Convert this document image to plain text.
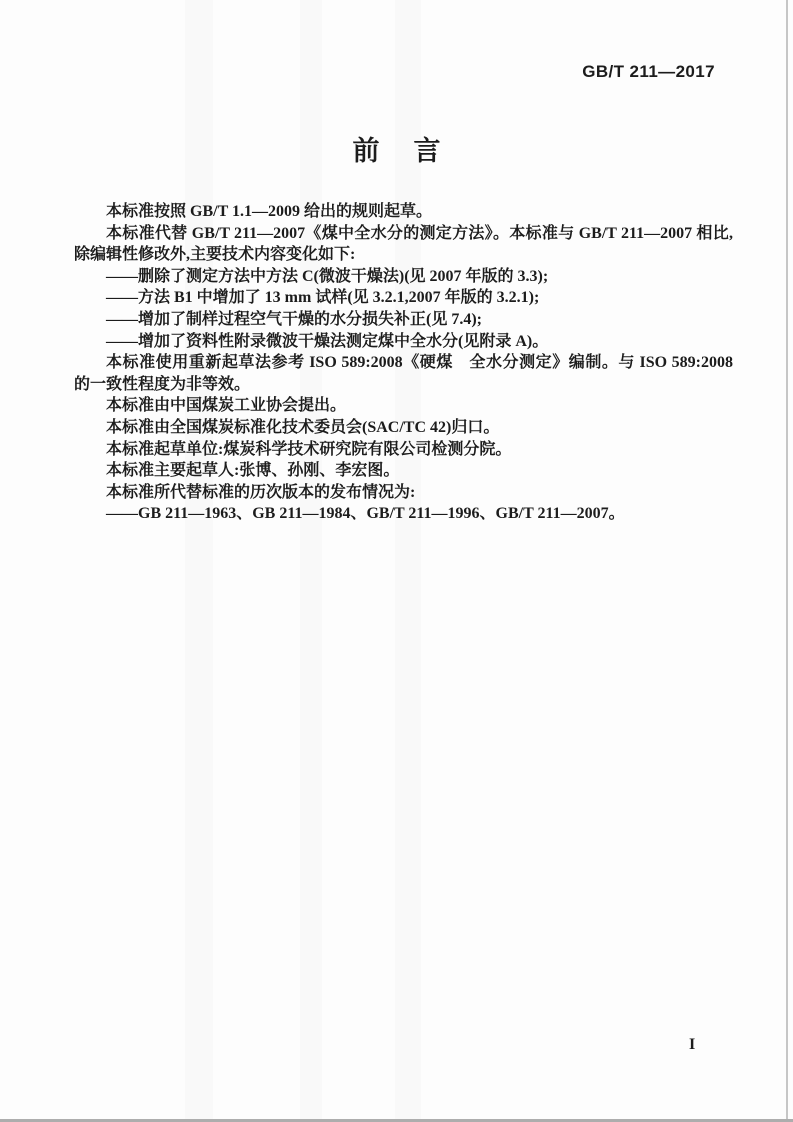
GB/T 211—2017
前 言

本标准按照 GB/T 1.1—2009 给出的规则起草。

本标准代替 GB/T 211—2007《煤中全水分的测定方法》。本标准与 GB/T 211—2007 相比,除编辑性修改外,主要技术内容变化如下:

——删除了测定方法中方法 C(微波干燥法)(见 2007 年版的 3.3);

——方法 B1 中增加了 13 mm 试样(见 3.2.1,2007 年版的 3.2.1);

——增加了制样过程空气干燥的水分损失补正(见 7.4);

——增加了资料性附录微波干燥法测定煤中全水分(见附录 A)。

本标准使用重新起草法参考 ISO 589:2008《硬煤　全水分测定》编制。与 ISO 589:2008 的一致性程度为非等效。

本标准由中国煤炭工业协会提出。

本标准由全国煤炭标准化技术委员会(SAC/TC 42)归口。

本标准起草单位:煤炭科学技术研究院有限公司检测分院。

本标准主要起草人:张博、孙刚、李宏图。

本标准所代替标准的历次版本的发布情况为:

——GB 211—1963、GB 211—1984、GB/T 211—1996、GB/T 211—2007。

I
